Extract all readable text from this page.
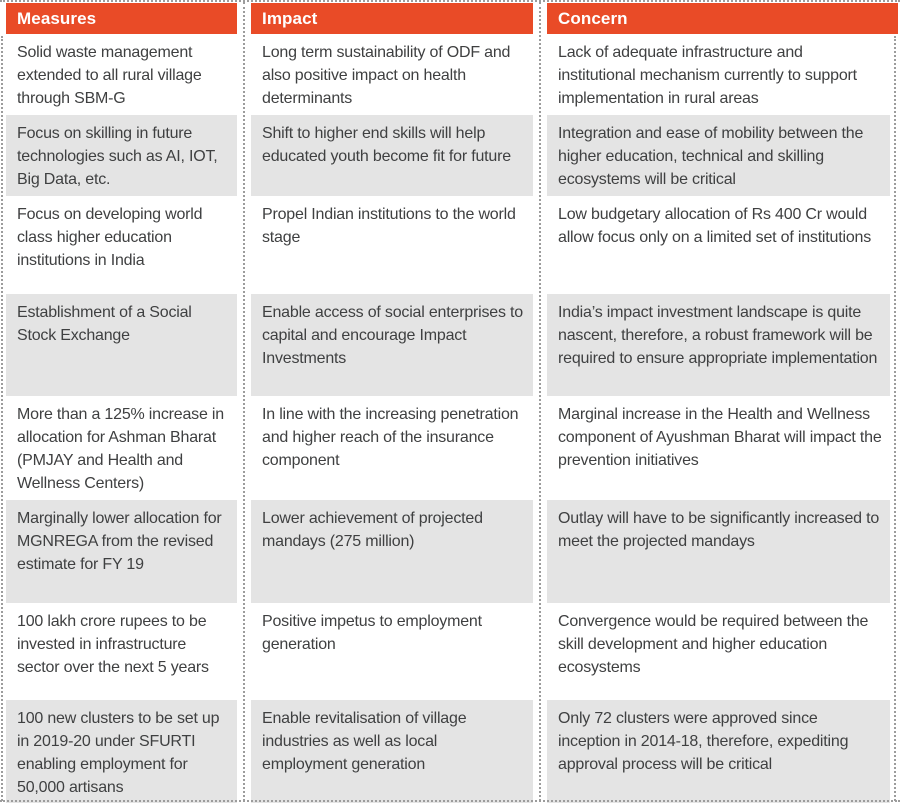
Measures	Impact	Concern
Solid waste management extended to all rural village through SBM-G
Long term sustainability of ODF and also positive impact on health determinants
Lack of adequate infrastructure and institutional mechanism currently to support implementation in rural areas
Focus on skilling in future technologies such as AI, IOT, Big Data, etc.
Shift to higher end skills will help educated youth become fit for future
Integration and ease of mobility between the higher education, technical and skilling ecosystems will be critical
Focus on developing world class higher education institutions in India
Propel Indian institutions to the world stage
Low budgetary allocation of Rs 400 Cr would allow focus only on a limited set of institutions
Establishment of a Social Stock Exchange
Enable access of social enterprises to capital and encourage Impact Investments
India’s impact investment landscape is quite nascent, therefore, a robust framework will be required to ensure appropriate implementation
More than a 125% increase in allocation for Ashman Bharat (PMJAY and Health and Wellness Centers)
In line with the increasing penetration and higher reach of the insurance component
Marginal increase in the Health and Wellness component of Ayushman Bharat will impact the prevention initiatives
Marginally lower allocation for MGNREGA from the revised estimate for FY 19
Lower achievement of projected mandays (275 million)
Outlay will have to be significantly increased to meet the projected mandays
100 lakh crore rupees to be invested in infrastructure sector over the next 5 years
Positive impetus to employment generation
Convergence would be required between the skill development and higher education ecosystems
100 new clusters to be set up in 2019-20 under SFURTI enabling employment for 50,000 artisans
Enable revitalisation of village industries as well as local employment generation
Only 72 clusters were approved since inception in 2014-18, therefore, expediting approval process will be critical
